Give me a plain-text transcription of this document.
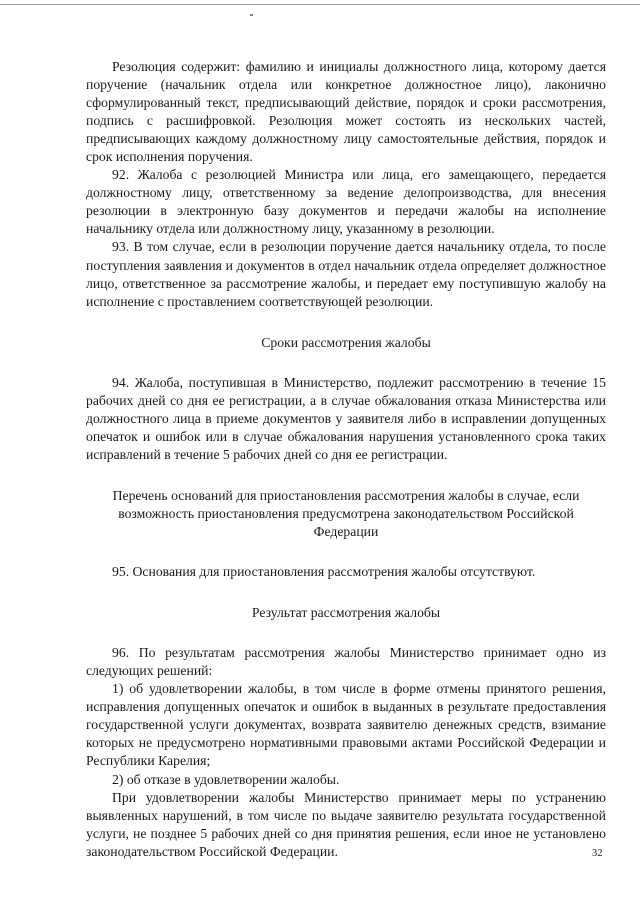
Резолюция содержит: фамилию и инициалы должностного лица, которому дается поручение (начальник отдела или конкретное должностное лицо), лаконично сформулированный текст, предписывающий действие, порядок и сроки рассмотрения, подпись с расшифровкой. Резолюция может состоять из нескольких частей, предписывающих каждому должностному лицу самостоятельные действия, порядок и срок исполнения поручения.

92. Жалоба с резолюцией Министра или лица, его замещающего, передается должностному лицу, ответственному за ведение делопроизводства, для внесения резолюции в электронную базу документов и передачи жалобы на исполнение начальнику отдела или должностному лицу, указанному в резолюции.

93. В том случае, если в резолюции поручение дается начальнику отдела, то после поступления заявления и документов в отдел начальник отдела определяет должностное лицо, ответственное за рассмотрение жалобы, и передает ему поступившую жалобу на исполнение с проставлением соответствующей резолюции.

Сроки рассмотрения жалобы

94. Жалоба, поступившая в Министерство, подлежит рассмотрению в течение 15 рабочих дней со дня ее регистрации, а в случае обжалования отказа Министерства или должностного лица в приеме документов у заявителя либо в исправлении допущенных опечаток и ошибок или в случае обжалования нарушения установленного срока таких исправлений в течение 5 рабочих дней со дня ее регистрации.

Перечень оснований для приостановления рассмотрения жалобы в случае, если возможность приостановления предусмотрена законодательством Российской Федерации

95. Основания для приостановления рассмотрения жалобы отсутствуют.

Результат рассмотрения жалобы

96. По результатам рассмотрения жалобы Министерство принимает одно из следующих решений:

1) об удовлетворении жалобы, в том числе в форме отмены принятого решения, исправления допущенных опечаток и ошибок в выданных в результате предоставления государственной услуги документах, возврата заявителю денежных средств, взимание которых не предусмотрено нормативными правовыми актами Российской Федерации и Республики Карелия;

2) об отказе в удовлетворении жалобы.

При удовлетворении жалобы Министерство принимает меры по устранению выявленных нарушений, в том числе по выдаче заявителю результата государственной услуги, не позднее 5 рабочих дней со дня принятия решения, если иное не установлено законодательством Российской Федерации.	32
